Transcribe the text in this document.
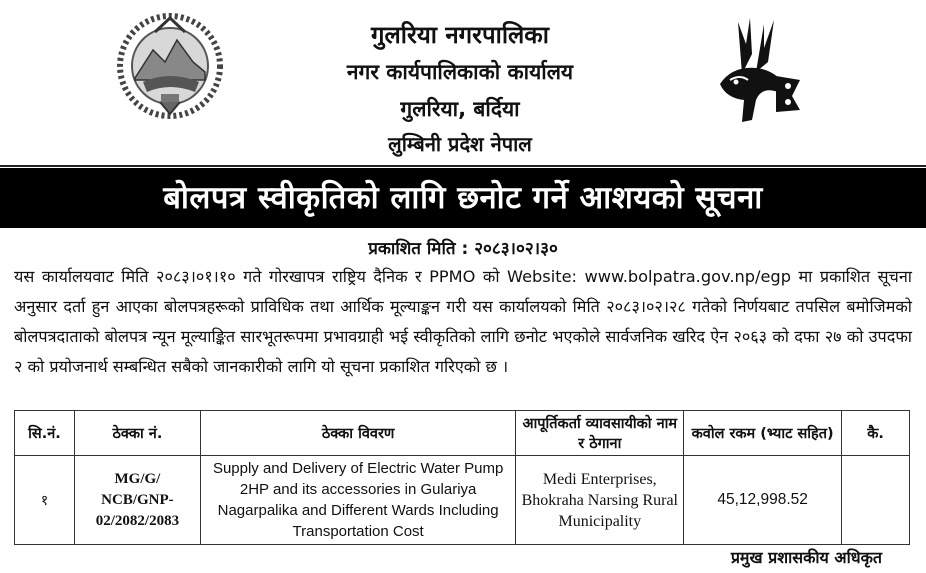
गुलरिया नगरपालिका
नगर कार्यपालिकाको कार्यालय
गुलरिया, बर्दिया
लुम्बिनी प्रदेश नेपाल
बोलपत्र स्वीकृतिको लागि छनोट गर्ने आशयको सूचना
प्रकाशित मिति : २०८३।०२।३०
यस कार्यालयवाट मिति २०८३।०१।१० गते गोरखापत्र राष्ट्रिय दैनिक र PPMO को Website: www.bolpatra.gov.np/egp मा प्रकाशित सूचना अनुसार दर्ता हुन आएका बोलपत्रहरूको प्राविधिक तथा आर्थिक मूल्याङ्कन गरी यस कार्यालयको मिति २०८३।०२।२८ गतेको निर्णयबाट तपसिल बमोजिमको बोलपत्रदाताको बोलपत्र न्यून मूल्याङ्कित सारभूतरूपमा प्रभावग्राही भई स्वीकृतिको लागि छनोट भएकोले सार्वजनिक खरिद ऐन २०६३ को दफा २७ को उपदफा २ को प्रयोजनार्थ सम्बन्धित सबैको जानकारीको लागि यो सूचना प्रकाशित गरिएको छ ।
सि.नं.	ठेक्का नं.	ठेक्का विवरण	आपूर्तिकर्ता व्यावसायीको नाम र ठेगाना	कवोल रकम (भ्याट सहित)	कै.
१	MG/G/ NCB/GNP- 02/2082/2083	Supply and Delivery of Electric Water Pump 2HP and its accessories in Gulariya Nagarpalika and Different Wards Including Transportation Cost	Medi Enterprises, Bhokraha Narsing Rural Municipality	45,12,998.52	
प्रमुख प्रशासकीय अधिकृत
